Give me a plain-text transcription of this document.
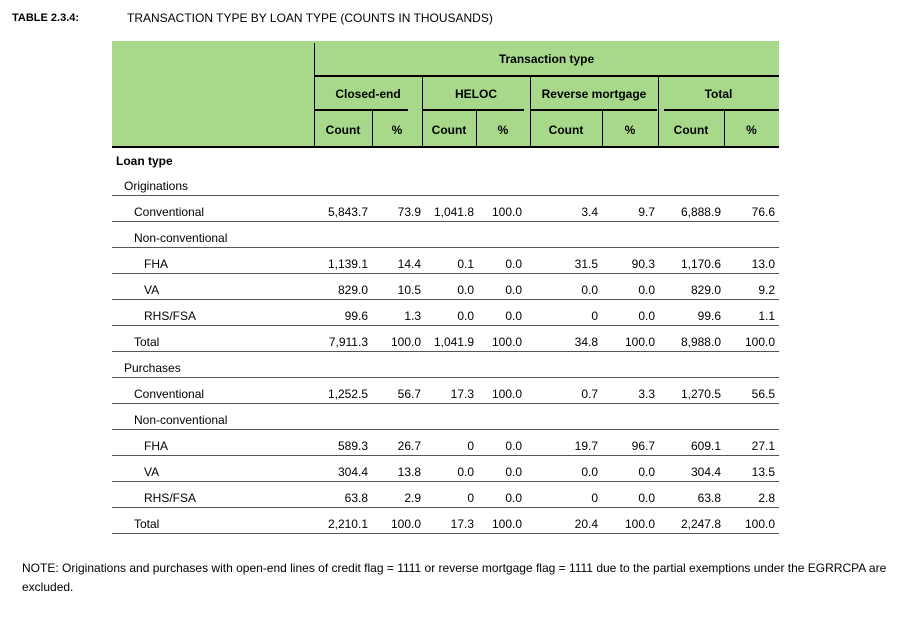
TABLE 2.3.4:	TRANSACTION TYPE BY LOAN TYPE (COUNTS IN THOUSANDS)
Transaction type
Closed-end	HELOC	Reverse mortgage	Total
Count	%	Count	%	Count	%	Count	%
Loan type
Originations
Conventional	5,843.7	73.9	1,041.8	100.0	3.4	9.7	6,888.9	76.6
Non-conventional
FHA	1,139.1	14.4	0.1	0.0	31.5	90.3	1,170.6	13.0
VA	829.0	10.5	0.0	0.0	0.0	0.0	829.0	9.2
RHS/FSA	99.6	1.3	0.0	0.0	0	0.0	99.6	1.1
Total	7,911.3	100.0	1,041.9	100.0	34.8	100.0	8,988.0	100.0
Purchases
Conventional	1,252.5	56.7	17.3	100.0	0.7	3.3	1,270.5	56.5
Non-conventional
FHA	589.3	26.7	0	0.0	19.7	96.7	609.1	27.1
VA	304.4	13.8	0.0	0.0	0.0	0.0	304.4	13.5
RHS/FSA	63.8	2.9	0	0.0	0	0.0	63.8	2.8
Total	2,210.1	100.0	17.3	100.0	20.4	100.0	2,247.8	100.0
NOTE: Originations and purchases with open-end lines of credit flag = 1111 or reverse mortgage flag = 1111 due to the partial exemptions under the EGRRCPA are excluded.
